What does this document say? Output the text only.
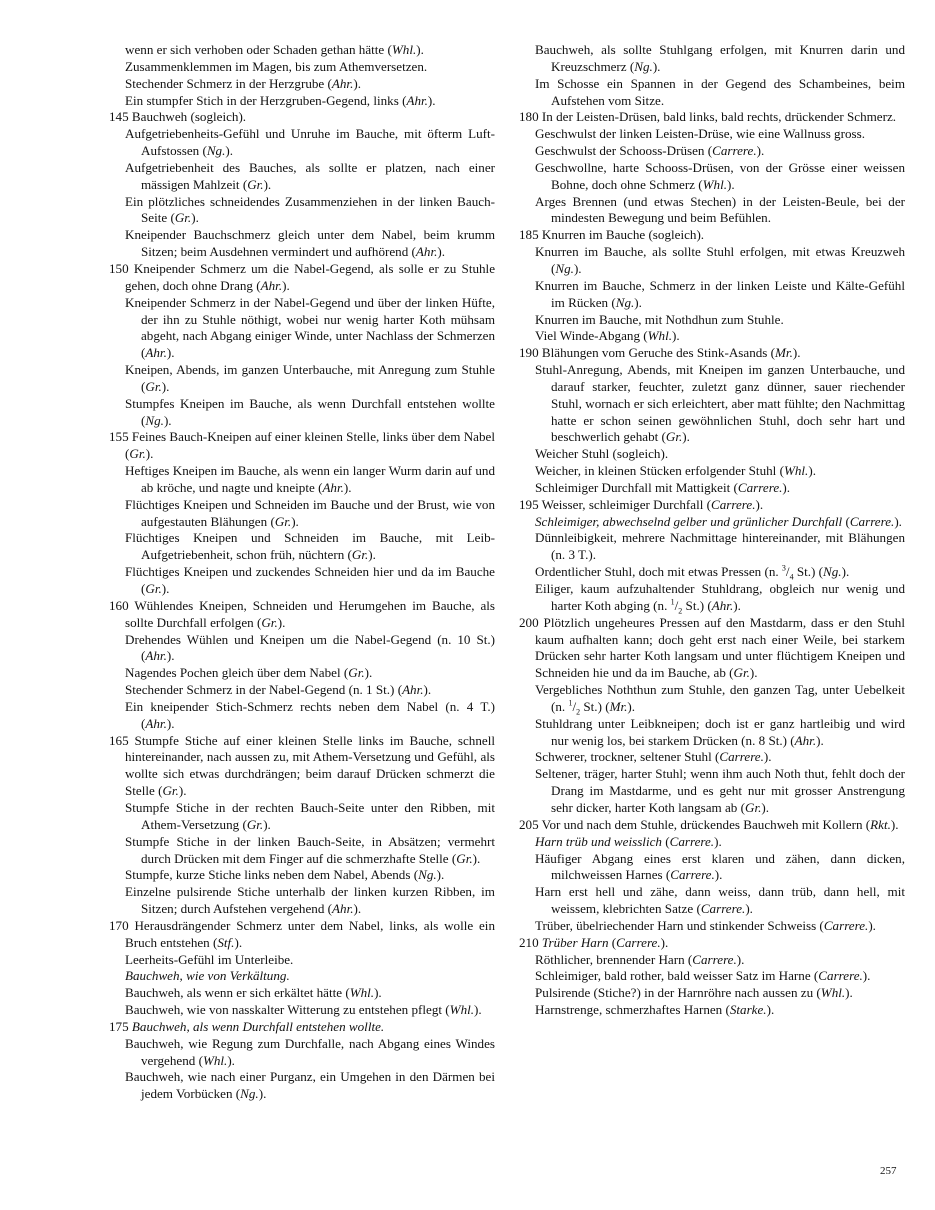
wenn er sich verhoben oder Schaden gethan hätte (Whl.).
Zusammenklemmen im Magen, bis zum Athemversetzen.
Stechender Schmerz in der Herzgrube (Ahr.).
Ein stumpfer Stich in der Herzgruben-Gegend, links (Ahr.).
145 Bauchweh (sogleich).
Aufgetriebenheits-Gefühl und Unruhe im Bauche, mit öfterm Luft-Aufstossen (Ng.).
Aufgetriebenheit des Bauches, als sollte er platzen, nach einer mässigen Mahlzeit (Gr.).
Ein plötzliches schneidendes Zusammenziehen in der linken Bauch-Seite (Gr.).
Kneipender Bauchschmerz gleich unter dem Nabel, beim krumm Sitzen; beim Ausdehnen vermindert und aufhörend (Ahr.).
150 Kneipender Schmerz um die Nabel-Gegend, als solle er zu Stuhle gehen, doch ohne Drang (Ahr.).
Kneipender Schmerz in der Nabel-Gegend und über der linken Hüfte, der ihn zu Stuhle nöthigt, wobei nur wenig harter Koth mühsam abgeht, nach Abgang einiger Winde, unter Nachlass der Schmerzen (Ahr.).
Kneipen, Abends, im ganzen Unterbauche, mit Anregung zum Stuhle (Gr.).
Stumpfes Kneipen im Bauche, als wenn Durchfall entstehen wollte (Ng.).
155 Feines Bauch-Kneipen auf einer kleinen Stelle, links über dem Nabel (Gr.).
Heftiges Kneipen im Bauche, als wenn ein langer Wurm darin auf und ab kröche, und nagte und kneipte (Ahr.).
Flüchtiges Kneipen und Schneiden im Bauche und der Brust, wie von aufgestauten Blähungen (Gr.).
Flüchtiges Kneipen und Schneiden im Bauche, mit Leib-Aufgetriebenheit, schon früh, nüchtern (Gr.).
Flüchtiges Kneipen und zuckendes Schneiden hier und da im Bauche (Gr.).
160 Wühlendes Kneipen, Schneiden und Herumgehen im Bauche, als sollte Durchfall erfolgen (Gr.).
Drehendes Wühlen und Kneipen um die Nabel-Gegend (n. 10 St.) (Ahr.).
Nagendes Pochen gleich über dem Nabel (Gr.).
Stechender Schmerz in der Nabel-Gegend (n. 1 St.) (Ahr.).
Ein kneipender Stich-Schmerz rechts neben dem Nabel (n. 4 T.) (Ahr.).
165 Stumpfe Stiche auf einer kleinen Stelle links im Bauche, schnell hintereinander, nach aussen zu, mit Athem-Versetzung und Gefühl, als wollte sich etwas durchdrängen; beim darauf Drücken schmerzt die Stelle (Gr.).
Stumpfe Stiche in der rechten Bauch-Seite unter den Ribben, mit Athem-Versetzung (Gr.).
Stumpfe Stiche in der linken Bauch-Seite, in Absätzen; vermehrt durch Drücken mit dem Finger auf die schmerzhafte Stelle (Gr.).
Stumpfe, kurze Stiche links neben dem Nabel, Abends (Ng.).
Einzelne pulsirende Stiche unterhalb der linken kurzen Ribben, im Sitzen; durch Aufstehen vergehend (Ahr.).
170 Herausdrängender Schmerz unter dem Nabel, links, als wolle ein Bruch entstehen (Stf.).
Leerheits-Gefühl im Unterleibe.
Bauchweh, wie von Verkältung.
Bauchweh, als wenn er sich erkältet hätte (Whl.).
Bauchweh, wie von nasskalter Witterung zu entstehen pflegt (Whl.).
175 Bauchweh, als wenn Durchfall entstehen wollte.
Bauchweh, wie Regung zum Durchfalle, nach Abgang eines Windes vergehend (Whl.).
Bauchweh, wie nach einer Purganz, ein Umgehen in den Därmen bei jedem Vorbücken (Ng.).
Bauchweh, als sollte Stuhlgang erfolgen, mit Knurren darin und Kreuzschmerz (Ng.).
Im Schosse ein Spannen in der Gegend des Schambeines, beim Aufstehen vom Sitze.
180 In der Leisten-Drüsen, bald links, bald rechts, drückender Schmerz.
Geschwulst der linken Leisten-Drüse, wie eine Wallnuss gross.
Geschwulst der Schooss-Drüsen (Carrere.).
Geschwollne, harte Schooss-Drüsen, von der Grösse einer weissen Bohne, doch ohne Schmerz (Whl.).
Arges Brennen (und etwas Stechen) in der Leisten-Beule, bei der mindesten Bewegung und beim Befühlen.
185 Knurren im Bauche (sogleich).
Knurren im Bauche, als sollte Stuhl erfolgen, mit etwas Kreuzweh (Ng.).
Knurren im Bauche, Schmerz in der linken Leiste und Kälte-Gefühl im Rücken (Ng.).
Knurren im Bauche, mit Nothdhun zum Stuhle.
Viel Winde-Abgang (Whl.).
190 Blähungen vom Geruche des Stink-Asands (Mr.).
Stuhl-Anregung, Abends, mit Kneipen im ganzen Unterbauche, und darauf starker, feuchter, zuletzt ganz dünner, sauer riechender Stuhl, wornach er sich erleichtert, aber matt fühlte; den Nachmittag hatte er schon seinen gewöhnlichen Stuhl, doch sehr hart und beschwerlich gehabt (Gr.).
Weicher Stuhl (sogleich).
Weicher, in kleinen Stücken erfolgender Stuhl (Whl.).
Schleimiger Durchfall mit Mattigkeit (Carrere.).
195 Weisser, schleimiger Durchfall (Carrere.).
Schleimiger, abwechselnd gelber und grünlicher Durchfall (Carrere.).
Dünnleibigkeit, mehrere Nachmittage hintereinander, mit Blähungen (n. 3 T.).
Ordentlicher Stuhl, doch mit etwas Pressen (n. $^3/_4$ St.) (Ng.).
Eiliger, kaum aufzuhaltender Stuhldrang, obgleich nur wenig und harter Koth abging (n. $^1/_2$ St.) (Ahr.).
200 Plötzlich ungeheures Pressen auf den Mastdarm, dass er den Stuhl kaum aufhalten kann; doch geht erst nach einer Weile, bei starkem Drücken sehr harter Koth langsam und unter flüchtigem Kneipen und Schneiden hie und da im Bauche, ab (Gr.).
Vergebliches Noththun zum Stuhle, den ganzen Tag, unter Uebelkeit (n. $^1/_2$ St.) (Mr.).
Stuhldrang unter Leibkneipen; doch ist er ganz hartleibig und wird nur wenig los, bei starkem Drücken (n. 8 St.) (Ahr.).
Schwerer, trockner, seltener Stuhl (Carrere.).
Seltener, träger, harter Stuhl; wenn ihm auch Noth thut, fehlt doch der Drang im Mastdarme, und es geht nur mit grosser Anstrengung sehr dicker, harter Koth langsam ab (Gr.).
205 Vor und nach dem Stuhle, drückendes Bauchweh mit Kollern (Rkt.).
Harn trüb und weisslich (Carrere.).
Häufiger Abgang eines erst klaren und zähen, dann dicken, milchweissen Harnes (Carrere.).
Harn erst hell und zähe, dann weiss, dann trüb, dann hell, mit weissem, klebrichten Satze (Carrere.).
Trüber, übelriechender Harn und stinkender Schweiss (Carrere.).
210 Trüber Harn (Carrere.).
Röthlicher, brennender Harn (Carrere.).
Schleimiger, bald rother, bald weisser Satz im Harne (Carrere.).
Pulsirende (Stiche?) in der Harnröhre nach aussen zu (Whl.).
Harnstrenge, schmerzhaftes Harnen (Starke.).
257
